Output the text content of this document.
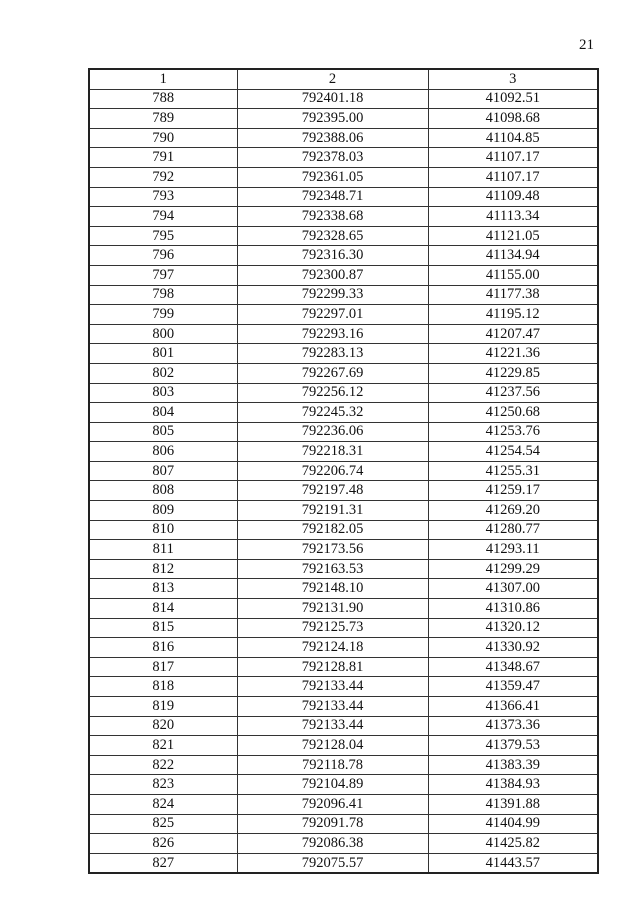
21
1	2	3
788	792401.18	41092.51
789	792395.00	41098.68
790	792388.06	41104.85
791	792378.03	41107.17
792	792361.05	41107.17
793	792348.71	41109.48
794	792338.68	41113.34
795	792328.65	41121.05
796	792316.30	41134.94
797	792300.87	41155.00
798	792299.33	41177.38
799	792297.01	41195.12
800	792293.16	41207.47
801	792283.13	41221.36
802	792267.69	41229.85
803	792256.12	41237.56
804	792245.32	41250.68
805	792236.06	41253.76
806	792218.31	41254.54
807	792206.74	41255.31
808	792197.48	41259.17
809	792191.31	41269.20
810	792182.05	41280.77
811	792173.56	41293.11
812	792163.53	41299.29
813	792148.10	41307.00
814	792131.90	41310.86
815	792125.73	41320.12
816	792124.18	41330.92
817	792128.81	41348.67
818	792133.44	41359.47
819	792133.44	41366.41
820	792133.44	41373.36
821	792128.04	41379.53
822	792118.78	41383.39
823	792104.89	41384.93
824	792096.41	41391.88
825	792091.78	41404.99
826	792086.38	41425.82
827	792075.57	41443.57
